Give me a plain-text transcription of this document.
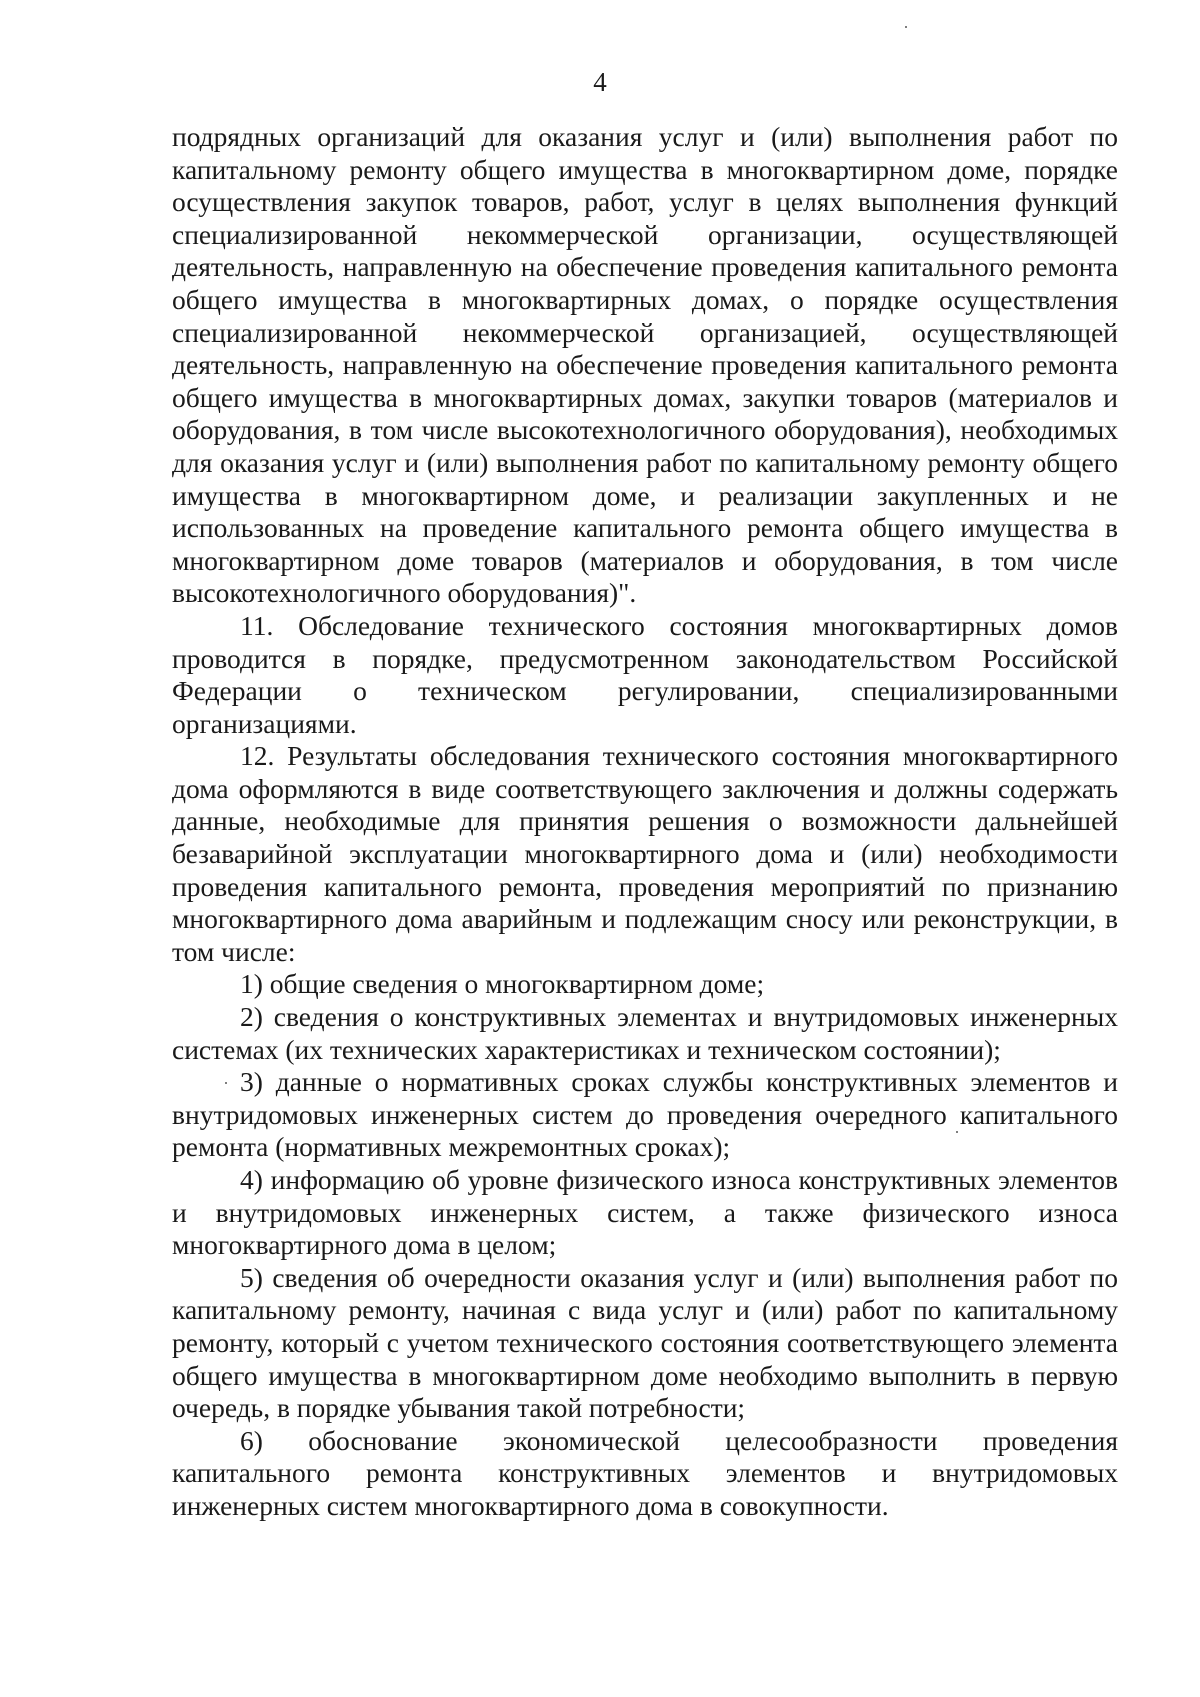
4

подрядных организаций для оказания услуг и (или) выполнения работ по капитальному ремонту общего имущества в многоквартирном доме, порядке осуществления закупок товаров, работ, услуг в целях выполнения функций специализированной некоммерческой организации, осуществляющей деятельность, направленную на обеспечение проведения капитального ремонта общего имущества в многоквартирных домах, о порядке осуществления специализированной некоммерческой организацией, осуществляющей деятельность, направленную на обеспечение проведения капитального ремонта общего имущества в многоквартирных домах, закупки товаров (материалов и оборудования, в том числе высокотехнологичного оборудования), необходимых для оказания услуг и (или) выполнения работ по капитальному ремонту общего имущества в многоквартирном доме, и реализации закупленных и не использованных на проведение капитального ремонта общего имущества в многоквартирном доме товаров (материалов и оборудования, в том числе высокотехнологичного оборудования)".

11. Обследование технического состояния многоквартирных домов проводится в порядке, предусмотренном законодательством Российской Федерации о техническом регулировании, специализированными организациями.

12. Результаты обследования технического состояния многоквартирного дома оформляются в виде соответствующего заключения и должны содержать данные, необходимые для принятия решения о возможности дальнейшей безаварийной эксплуатации многоквартирного дома и (или) необходимости проведения капитального ремонта, проведения мероприятий по признанию многоквартирного дома аварийным и подлежащим сносу или реконструкции, в том числе:

1) общие сведения о многоквартирном доме;

2) сведения о конструктивных элементах и внутридомовых инженерных системах (их технических характеристиках и техническом состоянии);

3) данные о нормативных сроках службы конструктивных элементов и внутридомовых инженерных систем до проведения очередного капитального ремонта (нормативных межремонтных сроках);

4) информацию об уровне физического износа конструктивных элементов и внутридомовых инженерных систем, а также физического износа многоквартирного дома в целом;

5) сведения об очередности оказания услуг и (или) выполнения работ по капитальному ремонту, начиная с вида услуг и (или) работ по капитальному ремонту, который с учетом технического состояния соответствующего элемента общего имущества в многоквартирном доме необходимо выполнить в первую очередь, в порядке убывания такой потребности;

6) обоснование экономической целесообразности проведения капитального ремонта конструктивных элементов и внутридомовых инженерных систем многоквартирного дома в совокупности.
